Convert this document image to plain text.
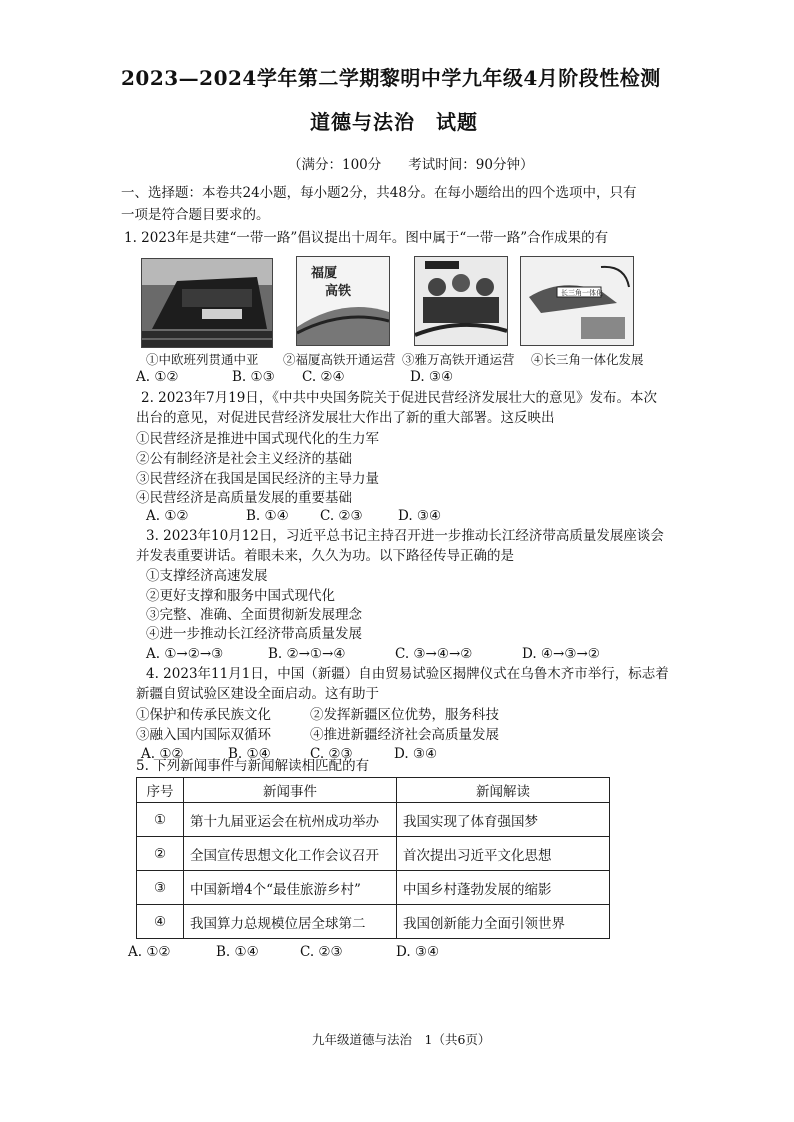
2023—2024学年第二学期黎明中学九年级4月阶段性检测
道德与法治　试题
（满分：100分　　考试时间：90分钟）
一、选择题：本卷共24小题，每小题2分，共48分。在每小题给出的四个选项中，只有
一项是符合题目要求的。
1. 2023年是共建“一带一路”倡议提出十周年。图中属于“一带一路”合作成果的有
福厦
高铁	长三角一体化
①中欧班列贯通中亚 ②福厦高铁开通运营 ③雅万高铁开通运营 ④长三角一体化发展
A. ①②	B. ①③ C. ②④	D. ③④
2. 2023年7月19日，《中共中央国务院关于促进民营经济发展壮大的意见》发布。本次
出台的意见，对促进民营经济发展壮大作出了新的重大部署。这反映出
①民营经济是推进中国式现代化的生力军
②公有制经济是社会主义经济的基础
③民营经济在我国是国民经济的主导力量
④民营经济是高质量发展的重要基础
A. ①②	B. ①④ C. ②③	D. ③④
3. 2023年10月12日，习近平总书记主持召开进一步推动长江经济带高质量发展座谈会
并发表重要讲话。着眼未来，久久为功。以下路径传导正确的是
①支撑经济高速发展
②更好支撑和服务中国式现代化
③完整、准确、全面贯彻新发展理念
④进一步推动长江经济带高质量发展
A. ①→②→③	B. ②→①→④	C. ③→④→②	D. ④→③→②
4. 2023年11月1日，中国（新疆）自由贸易试验区揭牌仪式在乌鲁木齐市举行，标志着
新疆自贸试验区建设全面启动。这有助于
①保护和传承民族文化	②发挥新疆区位优势，服务科技
③融入国内国际双循环	④推进新疆经济社会高质量发展
A. ①②	B. ①④	C. ②③	D. ③④
5. 下列新闻事件与新闻解读相匹配的有
序号	新闻事件	新闻解读
①	第十九届亚运会在杭州成功举办	我国实现了体育强国梦
②	全国宣传思想文化工作会议召开	首次提出习近平文化思想
③	中国新增4个“最佳旅游乡村”	中国乡村蓬勃发展的缩影
④	我国算力总规模位居全球第二	我国创新能力全面引领世界
A. ①②	B. ①④	C. ②③	D. ③④
九年级道德与法治　1（共6页）
